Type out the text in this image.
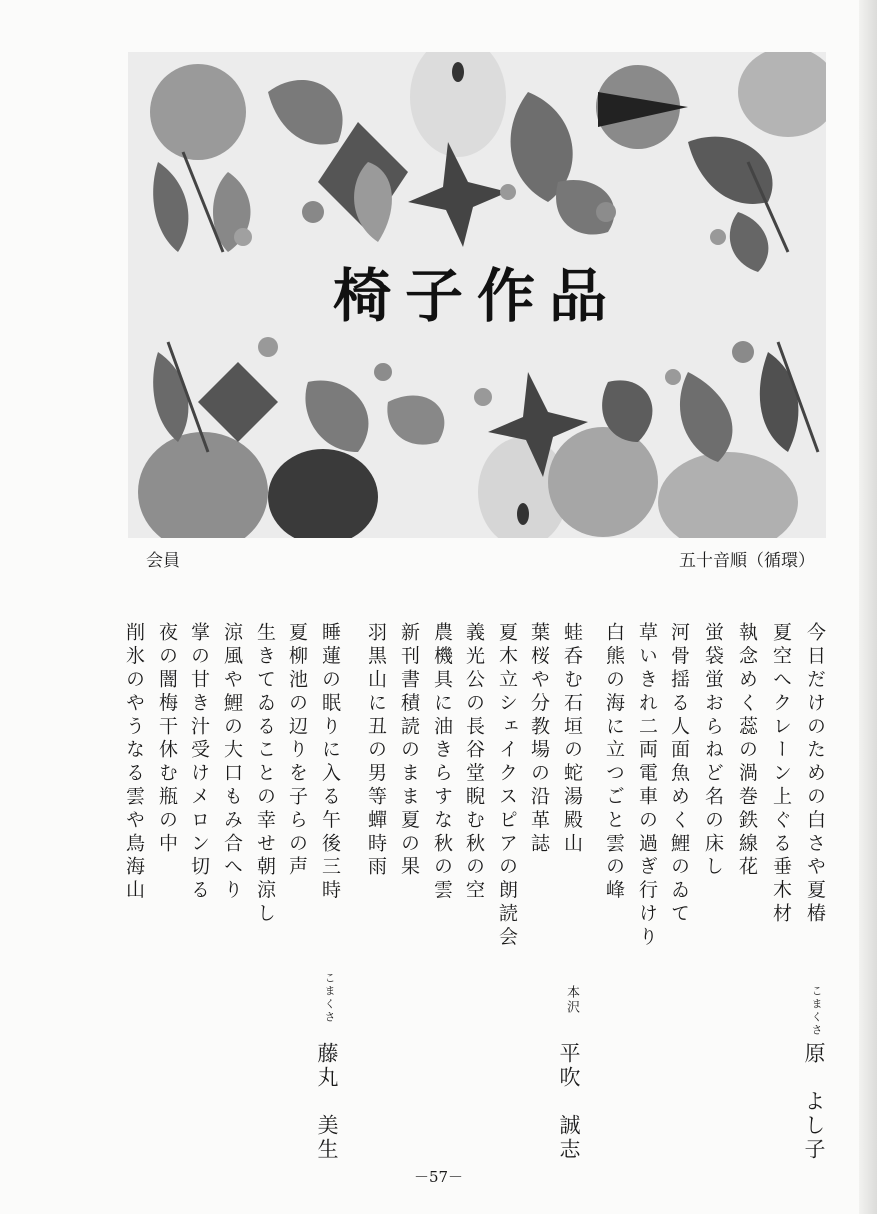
椅子作品
会員	五十音順（循環）
今日だけのための白さや夏椿
夏空へクレーン上ぐる垂木材
執念めく蕊の渦巻鉄線花
蛍袋蛍おらねど名の床し
河骨揺る人面魚めく鯉のゐて
草いきれ二両電車の過ぎ行けり
白熊の海に立つごと雲の峰
こまくさ
原　よし子
蛙呑む石垣の蛇湯殿山
葉桜や分教場の沿革誌
夏木立シェイクスピアの朗読会
義光公の長谷堂睨む秋の空
農機具に油きらすな秋の雲
新刊書積読のまま夏の果
羽黒山に丑の男等蟬時雨
本沢
平吹　誠志
睡蓮の眠りに入る午後三時
夏柳池の辺りを子らの声
生きてゐることの幸せ朝涼し
涼風や鯉の大口もみ合へり
掌の甘き汁受けメロン切る
夜の闇梅干休む瓶の中
削氷のやうなる雲や鳥海山
こまくさ
藤丸　美生
－57－
